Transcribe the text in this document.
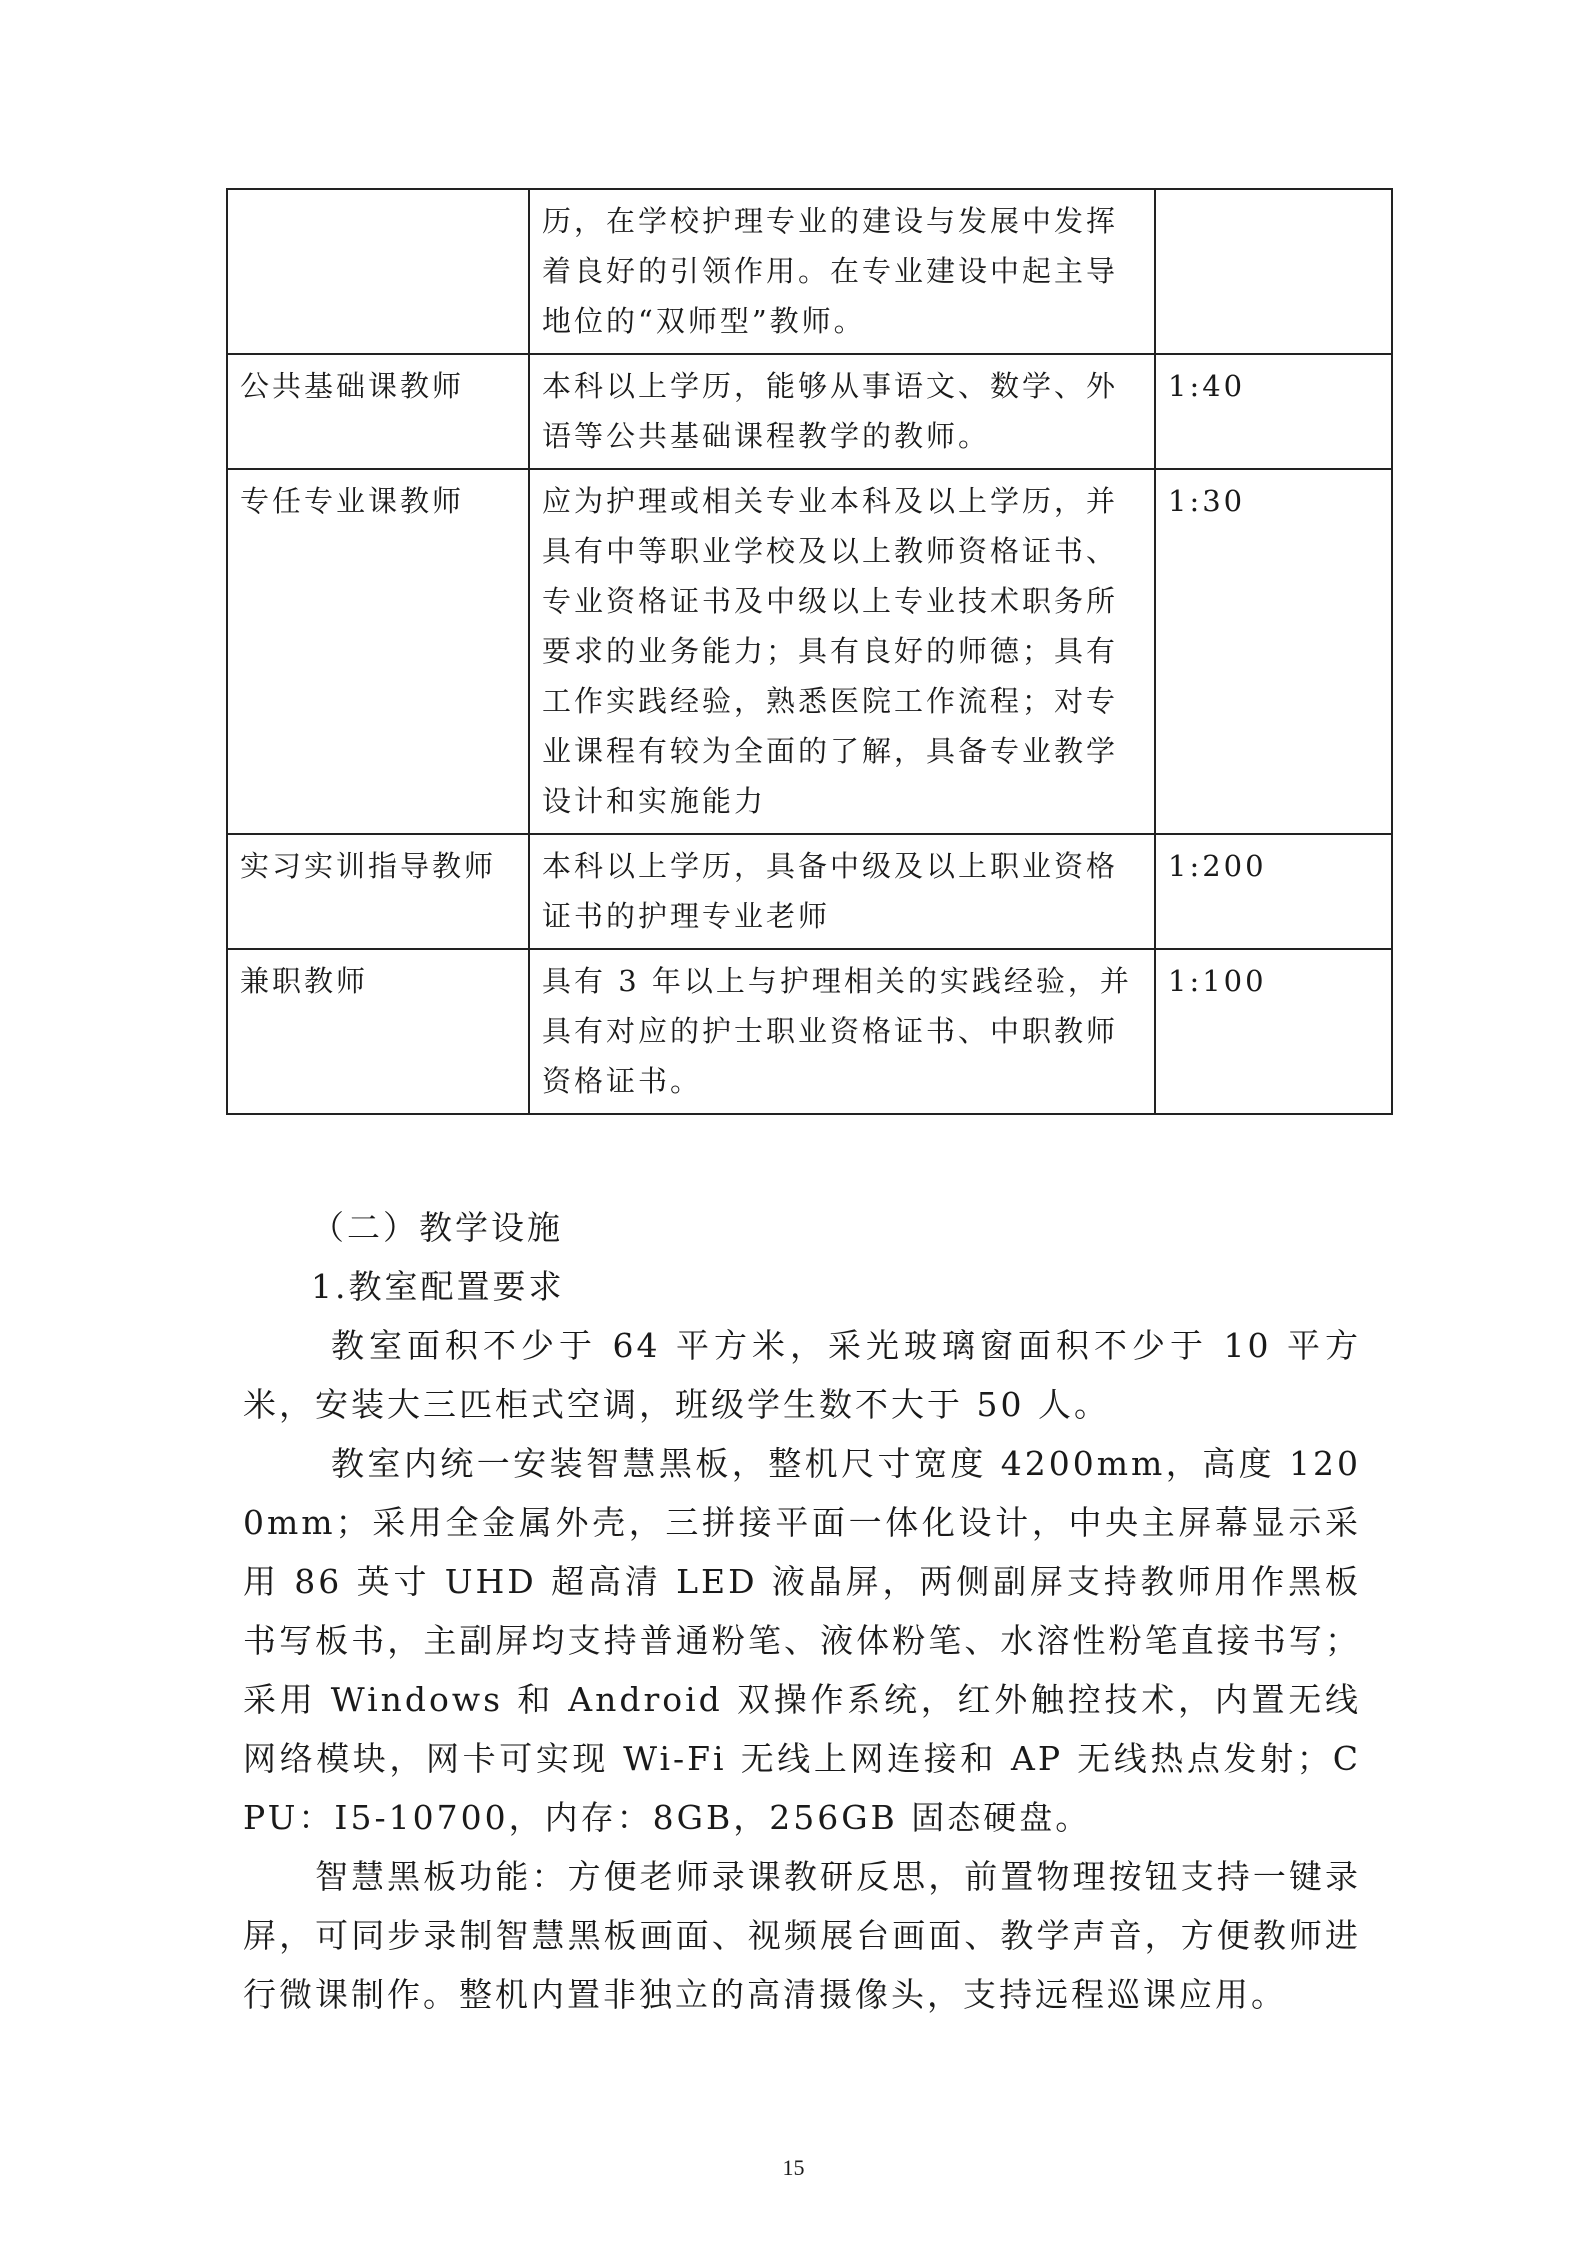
	历，在学校护理专业的建设与发展中发挥着良好的引领作用。在专业建设中起主导地位的“双师型”教师。	
公共基础课教师	本科以上学历，能够从事语文、数学、外语等公共基础课程教学的教师。	1:40
专任专业课教师	应为护理或相关专业本科及以上学历，并具有中等职业学校及以上教师资格证书、专业资格证书及中级以上专业技术职务所要求的业务能力；具有良好的师德；具有工作实践经验，熟悉医院工作流程；对专业课程有较为全面的了解，具备专业教学设计和实施能力	1:30
实习实训指导教师	本科以上学历，具备中级及以上职业资格证书的护理专业老师	1:200
兼职教师	具有 3 年以上与护理相关的实践经验，并具有对应的护士职业资格证书、中职教师资格证书。	1:100

（二）教学设施

1.教室配置要求

教室面积不少于 64 平方米，采光玻璃窗面积不少于 10 平方米，安装大三匹柜式空调，班级学生数不大于 50 人。

教室内统一安装智慧黑板，整机尺寸宽度 4200mm，高度 1200mm；采用全金属外壳，三拼接平面一体化设计，中央主屏幕显示采用 86 英寸 UHD 超高清 LED 液晶屏，两侧副屏支持教师用作黑板书写板书，主副屏均支持普通粉笔、液体粉笔、水溶性粉笔直接书写；采用 Windows 和 Android 双操作系统，红外触控技术，内置无线网络模块，网卡可实现 Wi-Fi 无线上网连接和 AP 无线热点发射；CPU：I5-10700，内存：8GB，256GB 固态硬盘。

智慧黑板功能：方便老师录课教研反思，前置物理按钮支持一键录屏，可同步录制智慧黑板画面、视频展台画面、教学声音，方便教师进行微课制作。整机内置非独立的高清摄像头，支持远程巡课应用。

15
